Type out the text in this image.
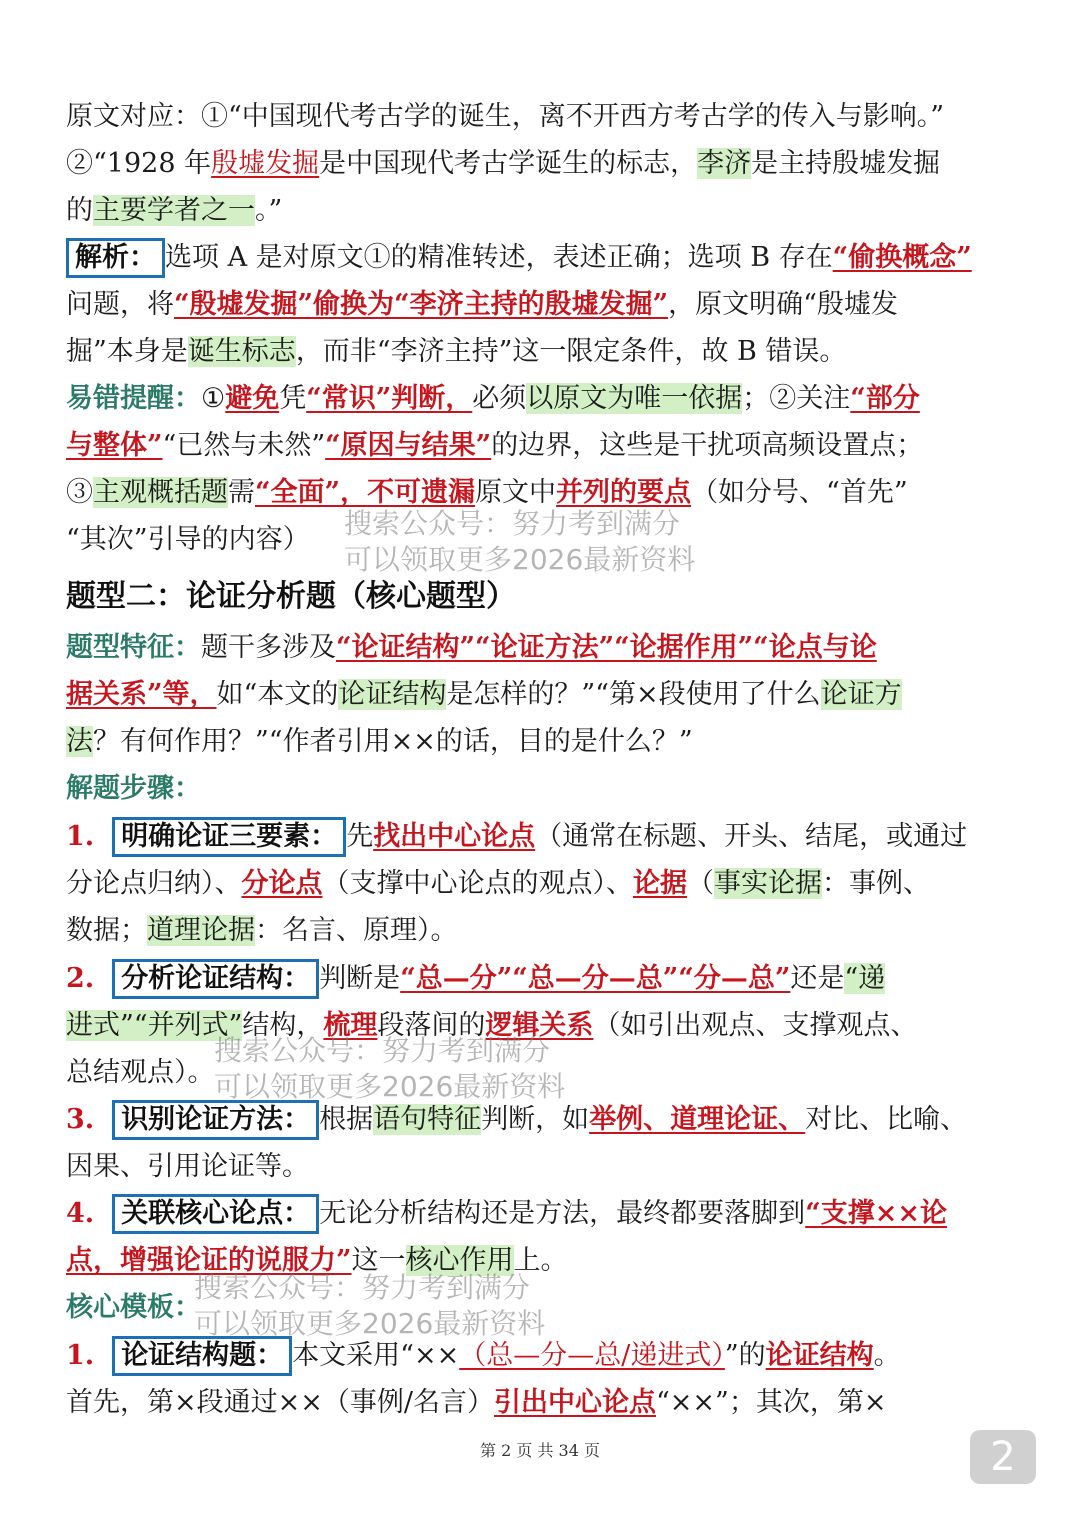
原文对应：①“中国现代考古学的诞生，离不开西方考古学的传入与影响。”
②“1928 年殷墟发掘是中国现代考古学诞生的标志，李济是主持殷墟发掘
的主要学者之一。”
解析： 选项 A 是对原文①的精准转述，表述正确；选项 B 存在“偷换概念”
问题，将“殷墟发掘”偷换为“李济主持的殷墟发掘”，原文明确“殷墟发
掘”本身是诞生标志，而非“李济主持”这一限定条件，故 B 错误。
易错提醒：①避免凭“常识”判断，必须以原文为唯一依据；②关注“部分
与整体”“已然与未然”“原因与结果”的边界，这些是干扰项高频设置点；
③主观概括题需“全面”，不可遗漏原文中并列的要点（如分号、“首先”
“其次”引导的内容）
题型二：论证分析题（核心题型）
题型特征：题干多涉及“论证结构”“论证方法”“论据作用”“论点与论
据关系”等，如“本文的论证结构是怎样的？”“第×段使用了什么论证方
法？有何作用？”“作者引用××的话，目的是什么？”
解题步骤：
1. 明确论证三要素： 先找出中心论点（通常在标题、开头、结尾，或通过
分论点归纳）、分论点（支撑中心论点的观点）、论据（事实论据：事例、
数据；道理论据：名言、原理）。
2. 分析论证结构： 判断是“总—分”“总—分—总”“分—总”还是“递
进式”“并列式”结构，梳理段落间的逻辑关系（如引出观点、支撑观点、
总结观点）。
3. 识别论证方法： 根据语句特征判断，如举例、道理论证、对比、比喻、
因果、引用论证等。
4. 关联核心论点： 无论分析结构还是方法，最终都要落脚到“支撑××论
点，增强论证的说服力”这一核心作用上。
核心模板：
1. 论证结构题： 本文采用“××（总—分—总/递进式）”的论证结构。
首先，第×段通过××（事例/名言）引出中心论点“××”；其次，第×
搜索公众号：努力考到满分
可以领取更多2026最新资料
搜索公众号：努力考到满分
可以领取更多2026最新资料
搜索公众号：努力考到满分
可以领取更多2026最新资料
第 2 页 共 34 页	2
